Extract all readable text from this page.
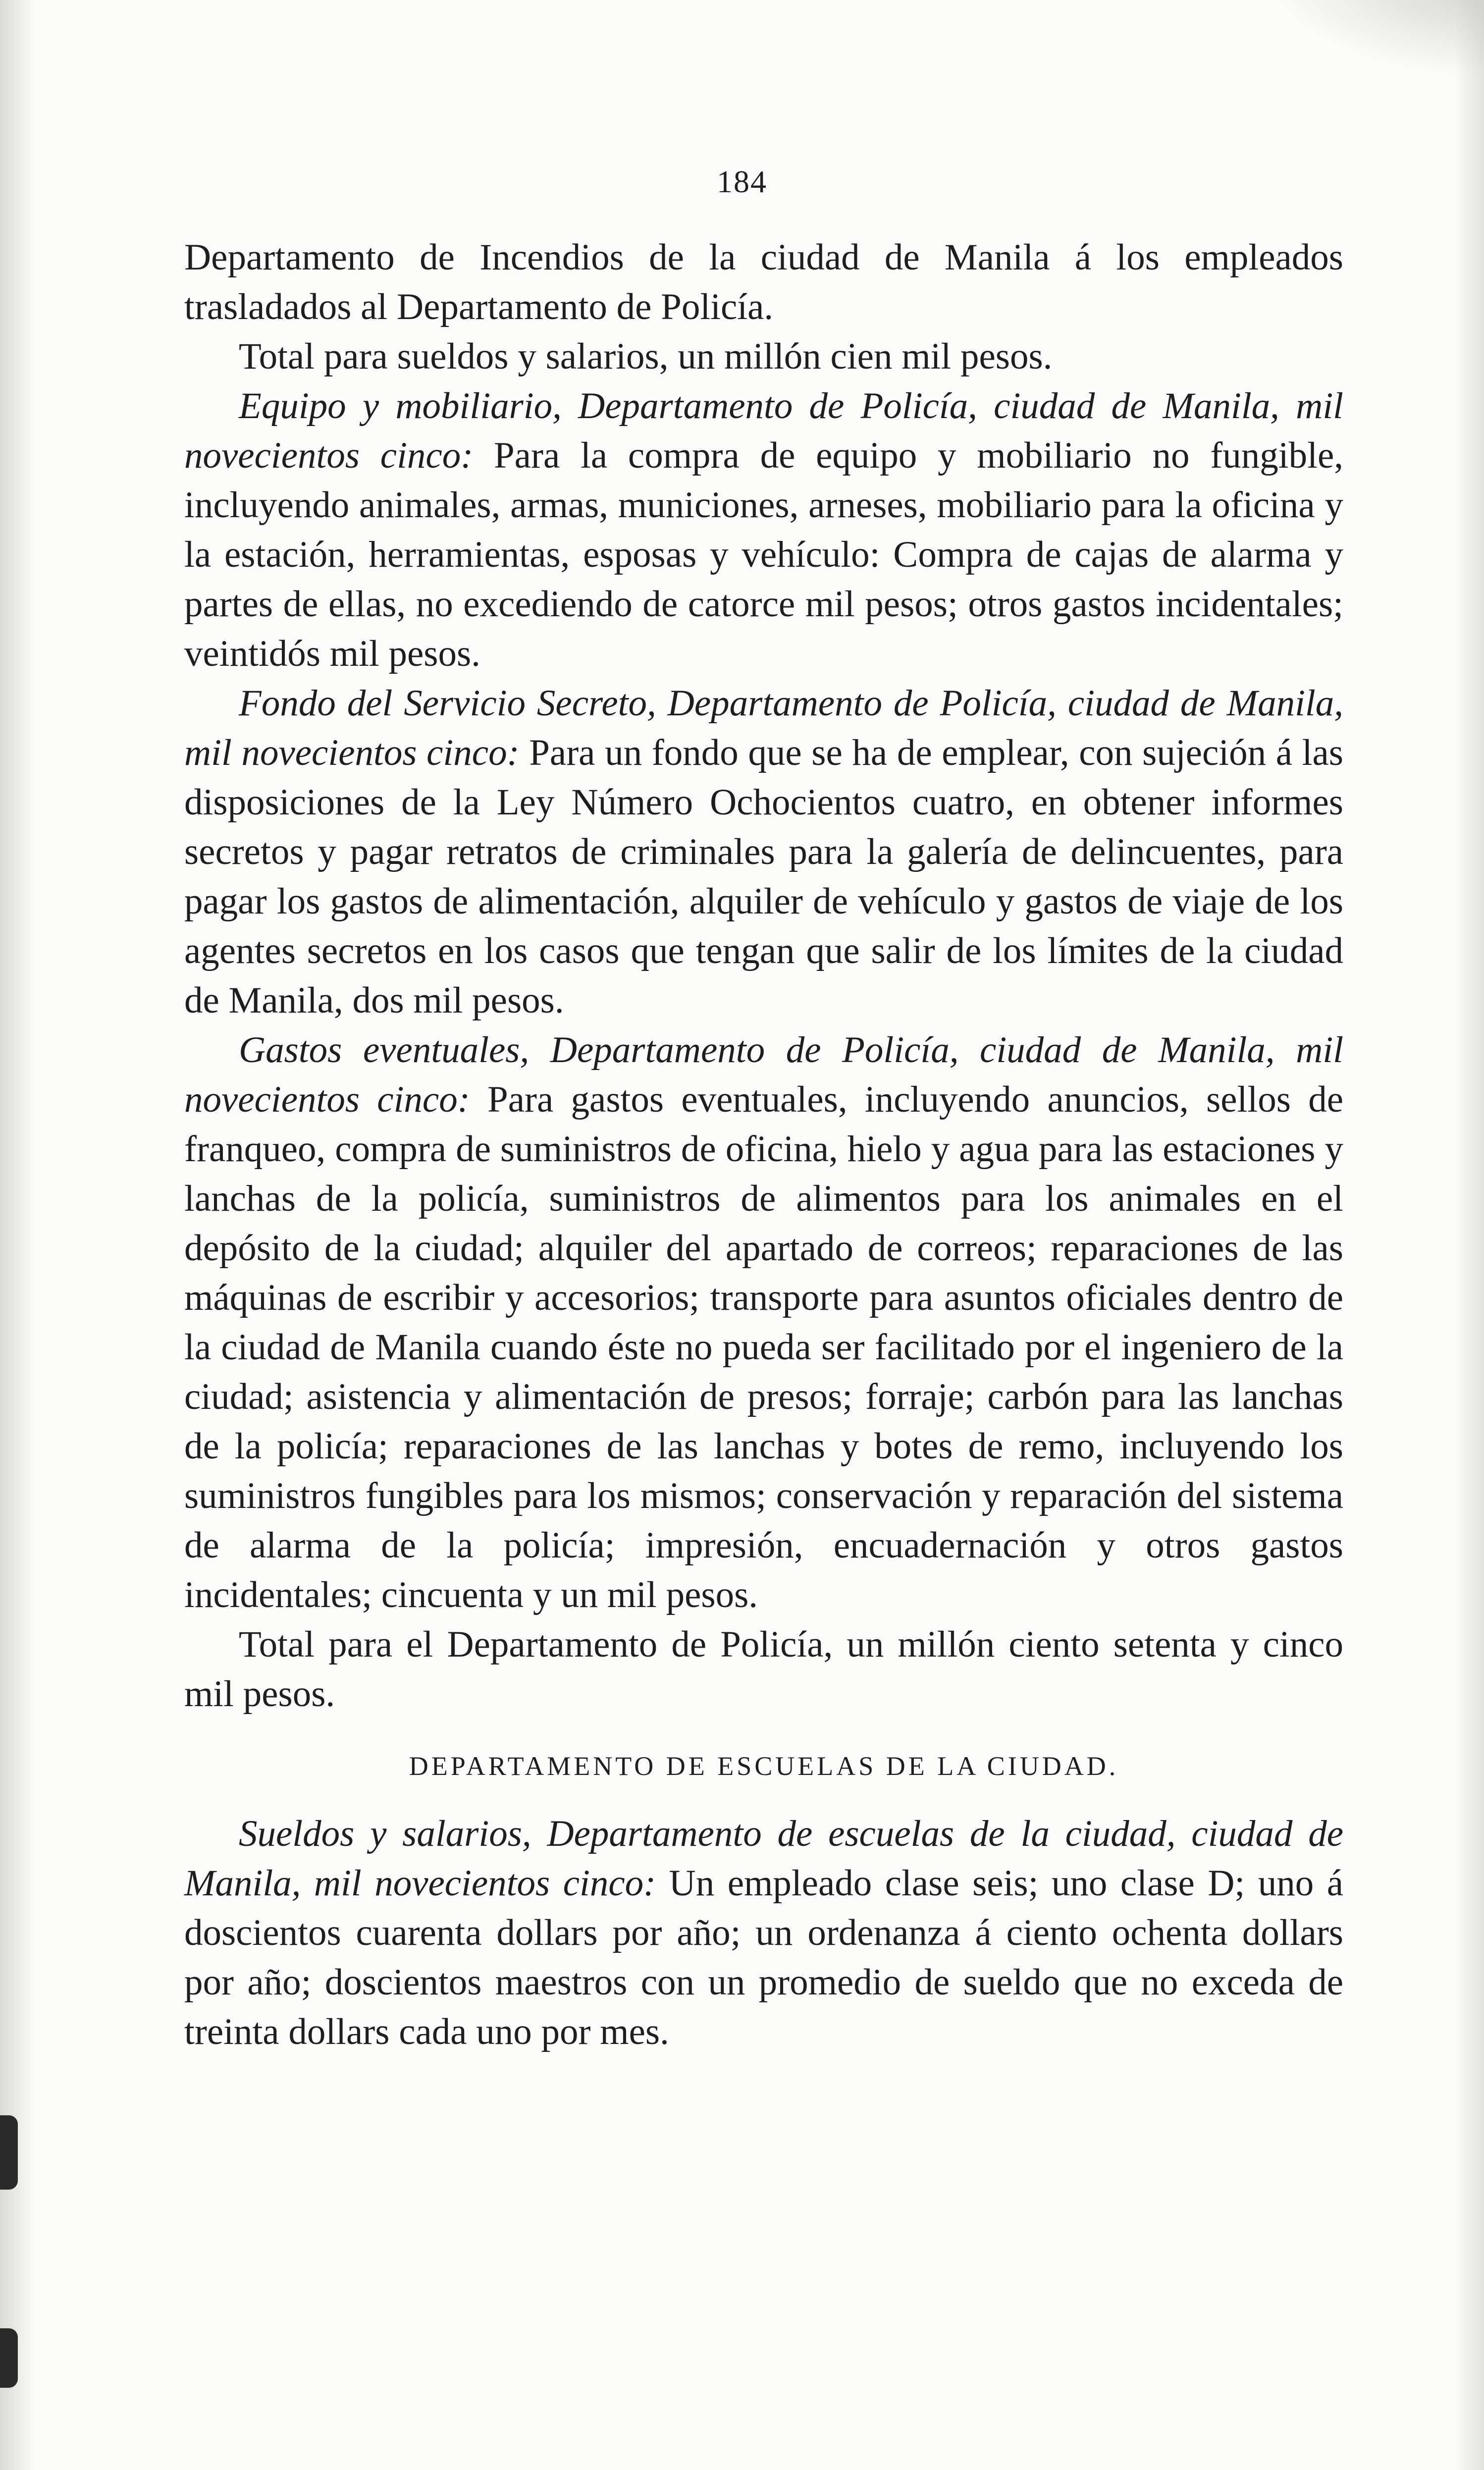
184

Departamento de Incendios de la ciudad de Manila á los empleados trasladados al Departamento de Policía.

Total para sueldos y salarios, un millón cien mil pesos.

Equipo y mobiliario, Departamento de Policía, ciudad de Manila, mil novecientos cinco: Para la compra de equipo y mobiliario no fungible, incluyendo animales, armas, municiones, arneses, mobiliario para la oficina y la estación, herramientas, esposas y vehículo: Compra de cajas de alarma y partes de ellas, no excediendo de catorce mil pesos; otros gastos incidentales; veintidós mil pesos.

Fondo del Servicio Secreto, Departamento de Policía, ciudad de Manila, mil novecientos cinco: Para un fondo que se ha de emplear, con sujeción á las disposiciones de la Ley Número Ochocientos cuatro, en obtener informes secretos y pagar retratos de criminales para la galería de delincuentes, para pagar los gastos de alimentación, alquiler de vehículo y gastos de viaje de los agentes secretos en los casos que tengan que salir de los límites de la ciudad de Manila, dos mil pesos.

Gastos eventuales, Departamento de Policía, ciudad de Manila, mil novecientos cinco: Para gastos eventuales, incluyendo anuncios, sellos de franqueo, compra de suministros de oficina, hielo y agua para las estaciones y lanchas de la policía, suministros de alimentos para los animales en el depósito de la ciudad; alquiler del apartado de correos; reparaciones de las máquinas de escribir y accesorios; transporte para asuntos oficiales dentro de la ciudad de Manila cuando éste no pueda ser facilitado por el ingeniero de la ciudad; asistencia y alimentación de presos; forraje; carbón para las lanchas de la policía; reparaciones de las lanchas y botes de remo, incluyendo los suministros fungibles para los mismos; conservación y reparación del sistema de alarma de la policía; impresión, encuadernación y otros gastos incidentales; cincuenta y un mil pesos.

Total para el Departamento de Policía, un millón ciento setenta y cinco mil pesos.

DEPARTAMENTO DE ESCUELAS DE LA CIUDAD.

Sueldos y salarios, Departamento de escuelas de la ciudad, ciudad de Manila, mil novecientos cinco: Un empleado clase seis; uno clase D; uno á doscientos cuarenta dollars por año; un ordenanza á ciento ochenta dollars por año; doscientos maestros con un promedio de sueldo que no exceda de treinta dollars cada uno por mes.
